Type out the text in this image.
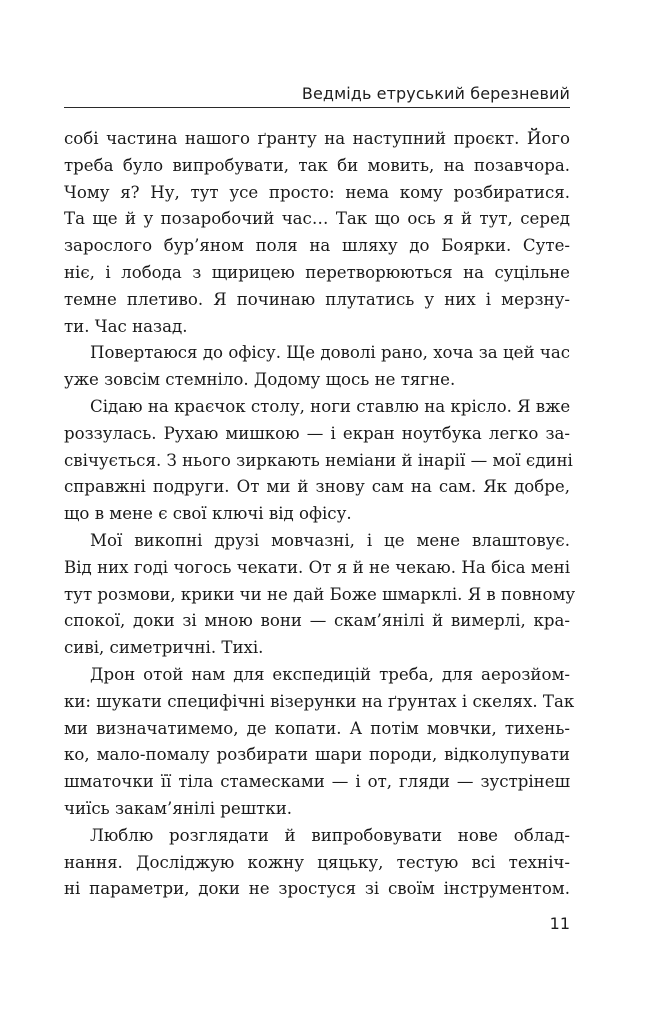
Ведмідь етруський березневий
собі частина нашого ґранту на наступний проєкт. Його
треба було випробувати, так би мовить, на позавчора.
Чому я? Ну, тут усе просто: нема кому розбиратися.
Та ще й у позаробочий час… Так що ось я й тут, серед
зарослого бур’яном поля на шляху до Боярки. Суте-
ніє, і лобода з щирицею перетворюються на суцільне
темне плетиво. Я починаю плутатись у них і мерзну-
ти. Час назад.
Повертаюся до офісу. Ще доволі рано, хоча за цей час
уже зовсім стемніло. Додому щось не тягне.
Сідаю на краєчок столу, ноги ставлю на крісло. Я вже
роззулась. Рухаю мишкою — і екран ноутбука легко за-
свічується. З нього зиркають неміани й інарії — мої єдині
справжні подруги. От ми й знову сам на сам. Як добре,
що в мене є свої ключі від офісу.
Мої викопні друзі мовчазні, і це мене влаштовує.
Від них годі чогось чекати. От я й не чекаю. На біса мені
тут розмови, крики чи не дай Боже шмарклі. Я в повному
спокої, доки зі мною вони — скам’янілі й вимерлі, кра-
сиві, симетричні. Тихі.
Дрон отой нам для експедицій треба, для аерозйом-
ки: шукати специфічні візерунки на ґрунтах і скелях. Так
ми визначатимемо, де копати. А потім мовчки, тихень-
ко, мало-помалу розбирати шари породи, відколупувати
шматочки її тіла стамесками — і от, гляди — зустрінеш
чиїсь закам’янілі рештки.
Люблю розглядати й випробовувати нове облад-
нання. Досліджую кожну цяцьку, тестую всі техніч-
ні параметри, доки не зростуся зі своїм інструментом.
11
